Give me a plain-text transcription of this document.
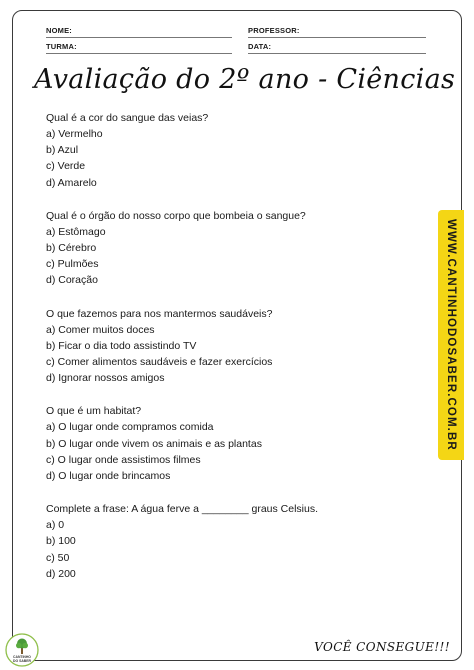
NOME:	PROFESSOR:
TURMA:	DATA:
Avaliação do 2º ano - Ciências
Qual é a cor do sangue das veias?
a) Vermelho
b) Azul
c) Verde
d) Amarelo
Qual é o órgão do nosso corpo que bombeia o sangue?
a) Estômago
b) Cérebro
c) Pulmões
d) Coração
O que fazemos para nos mantermos saudáveis?
a) Comer muitos doces
b) Ficar o dia todo assistindo TV
c) Comer alimentos saudáveis e fazer exercícios
d) Ignorar nossos amigos
O que é um habitat?
a) O lugar onde compramos comida
b) O lugar onde vivem os animais e as plantas
c) O lugar onde assistimos filmes
d) O lugar onde brincamos
Complete a frase: A água ferve a ________ graus Celsius.
a) 0
b) 100
c) 50
d) 200
WWW.CANTINHODOSABER.COM.BR
CANTINHO
DO SABER
VOCÊ CONSEGUE!!!
